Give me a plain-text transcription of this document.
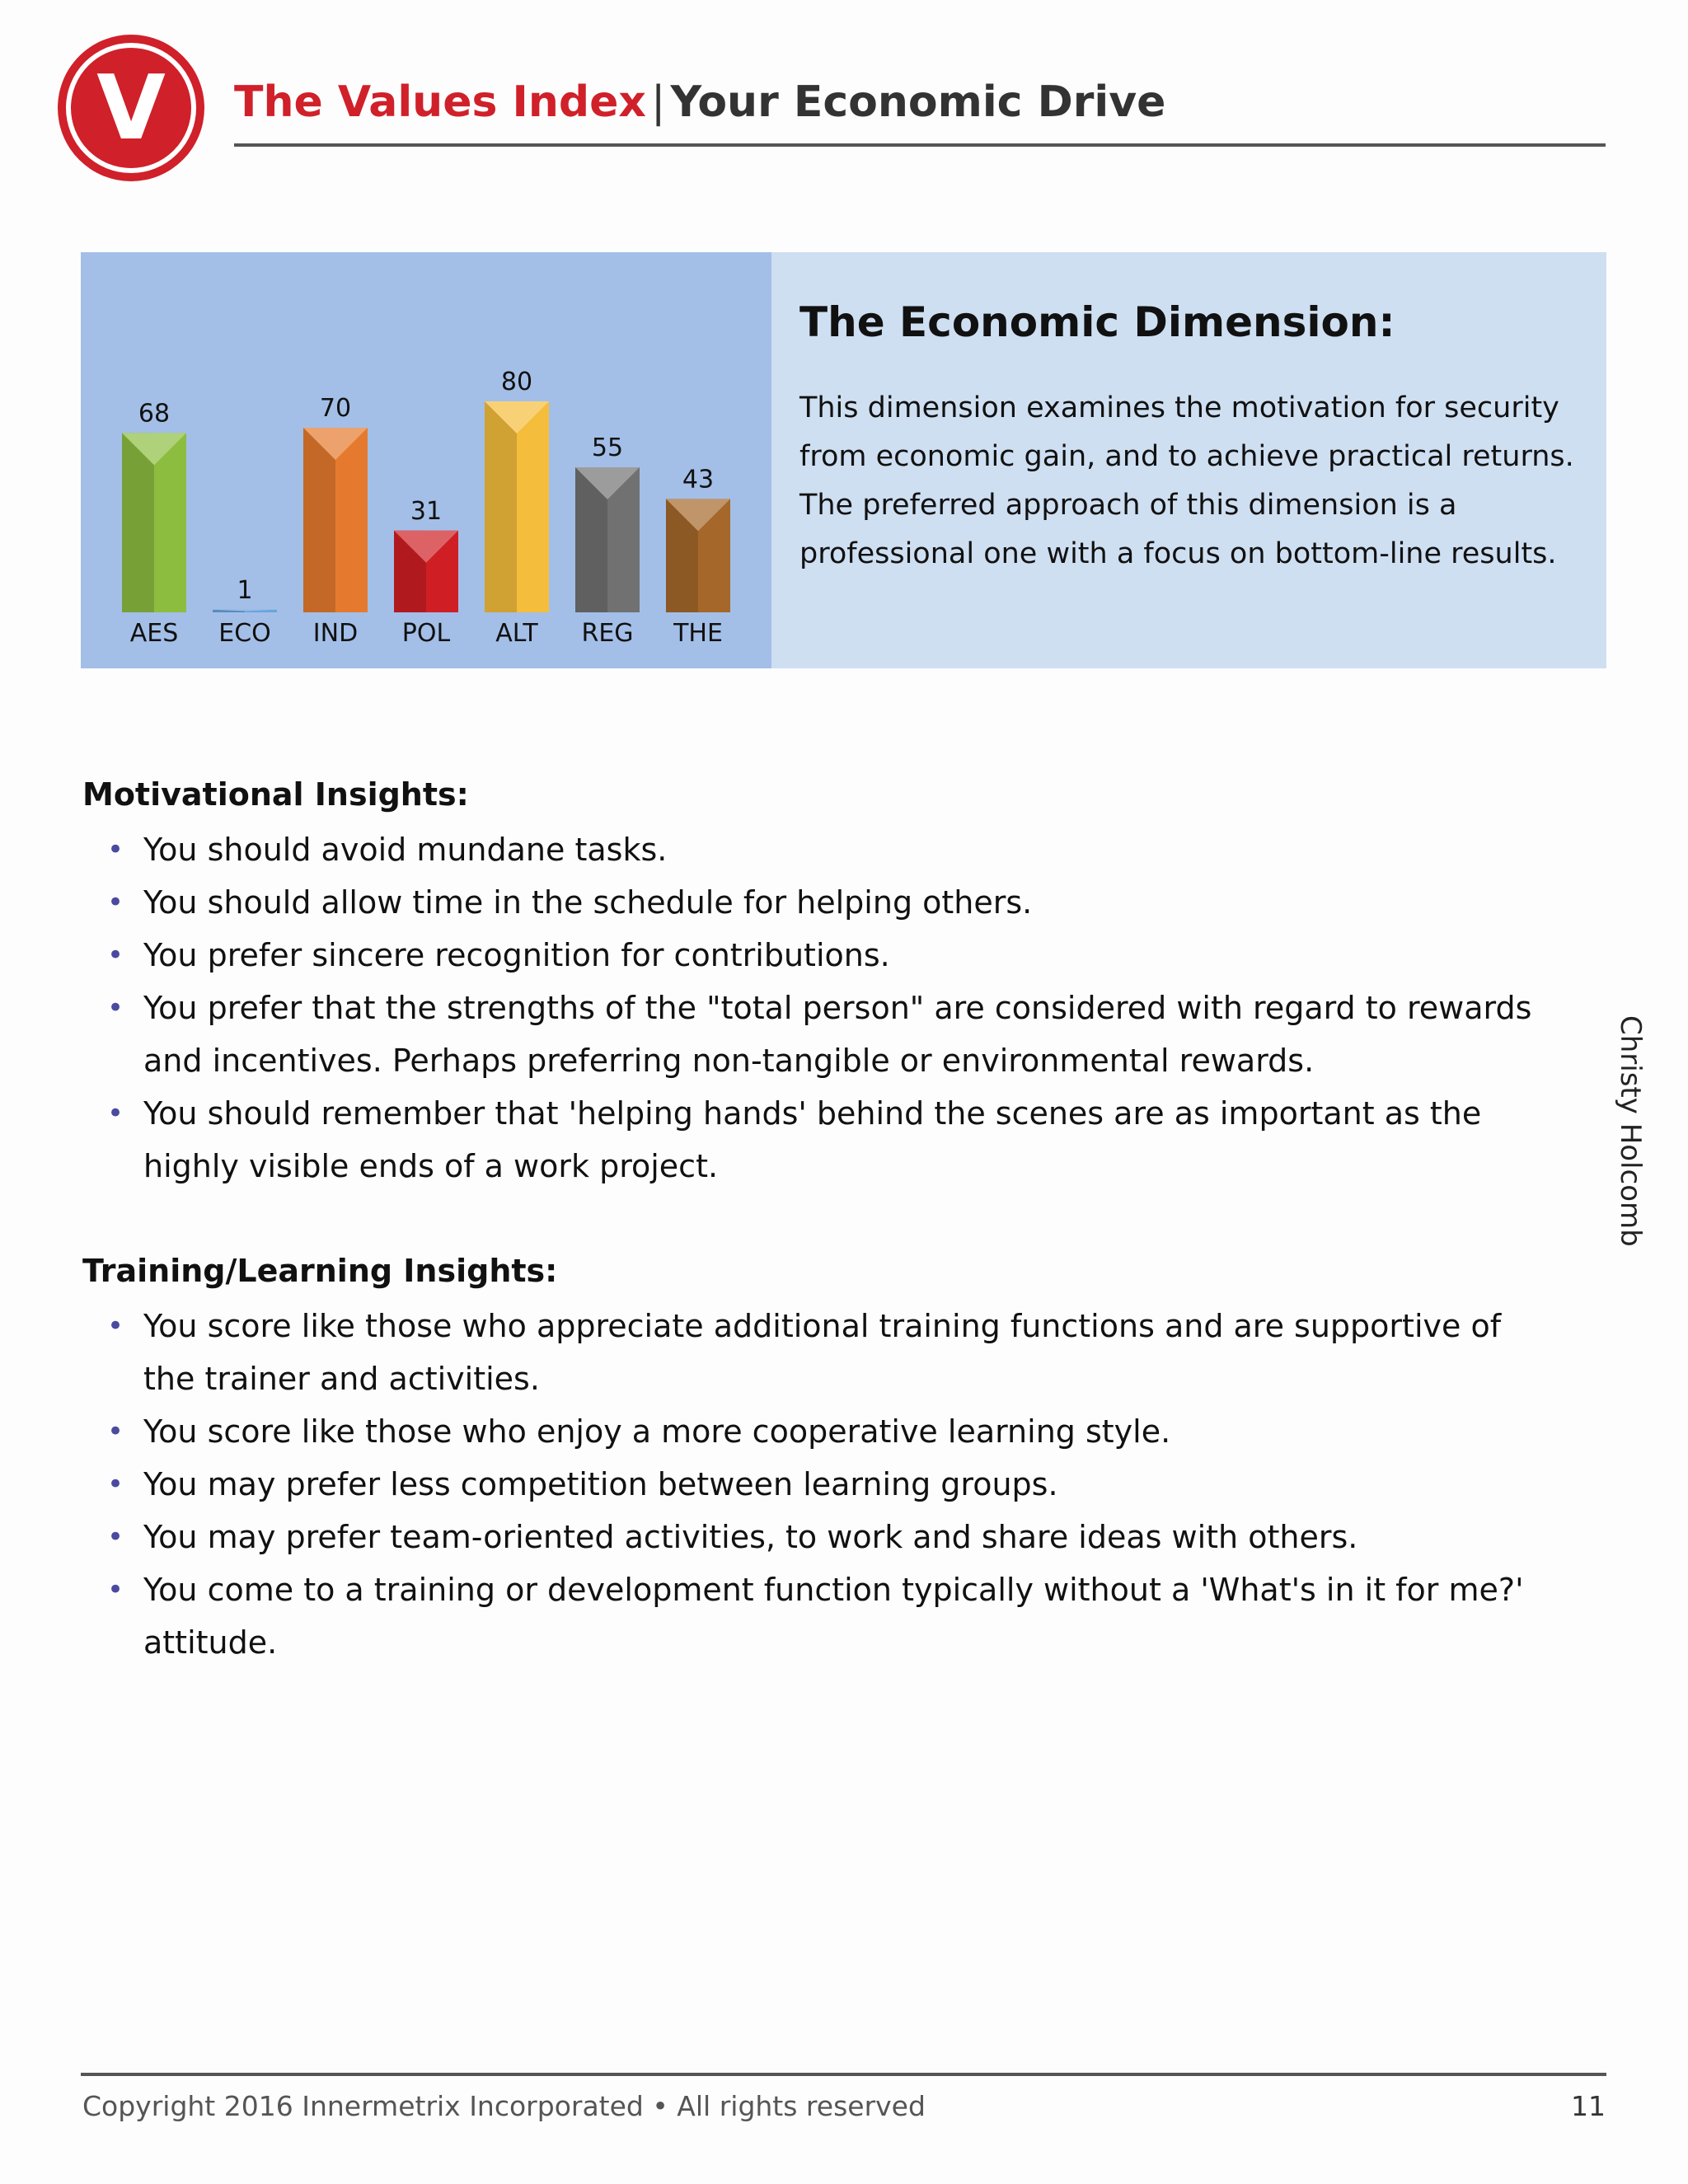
V The Values Index | Your Economic Drive
68
AES
1
ECO
70
IND
31
POL
80
ALT
55
REG
43
THE
The Economic Dimension:
This dimension examines the motivation for security from economic gain, and to achieve practical returns. The preferred approach of this dimension is a professional one with a focus on bottom-line results.
Motivational Insights:
• You should avoid mundane tasks.
• You should allow time in the schedule for helping others.
• You prefer sincere recognition for contributions.
• You prefer that the strengths of the "total person" are considered with regard to rewards and incentives. Perhaps preferring non-tangible or environmental rewards.
• You should remember that 'helping hands' behind the scenes are as important as the highly visible ends of a work project.
Training/Learning Insights:
• You score like those who appreciate additional training functions and are supportive of the trainer and activities.
• You score like those who enjoy a more cooperative learning style.
• You may prefer less competition between learning groups.
• You may prefer team-oriented activities, to work and share ideas with others.
• You come to a training or development function typically without a 'What's in it for me?' attitude.
Christy Holcomb
Copyright 2016 Innermetrix Incorporated • All rights reserved	11
